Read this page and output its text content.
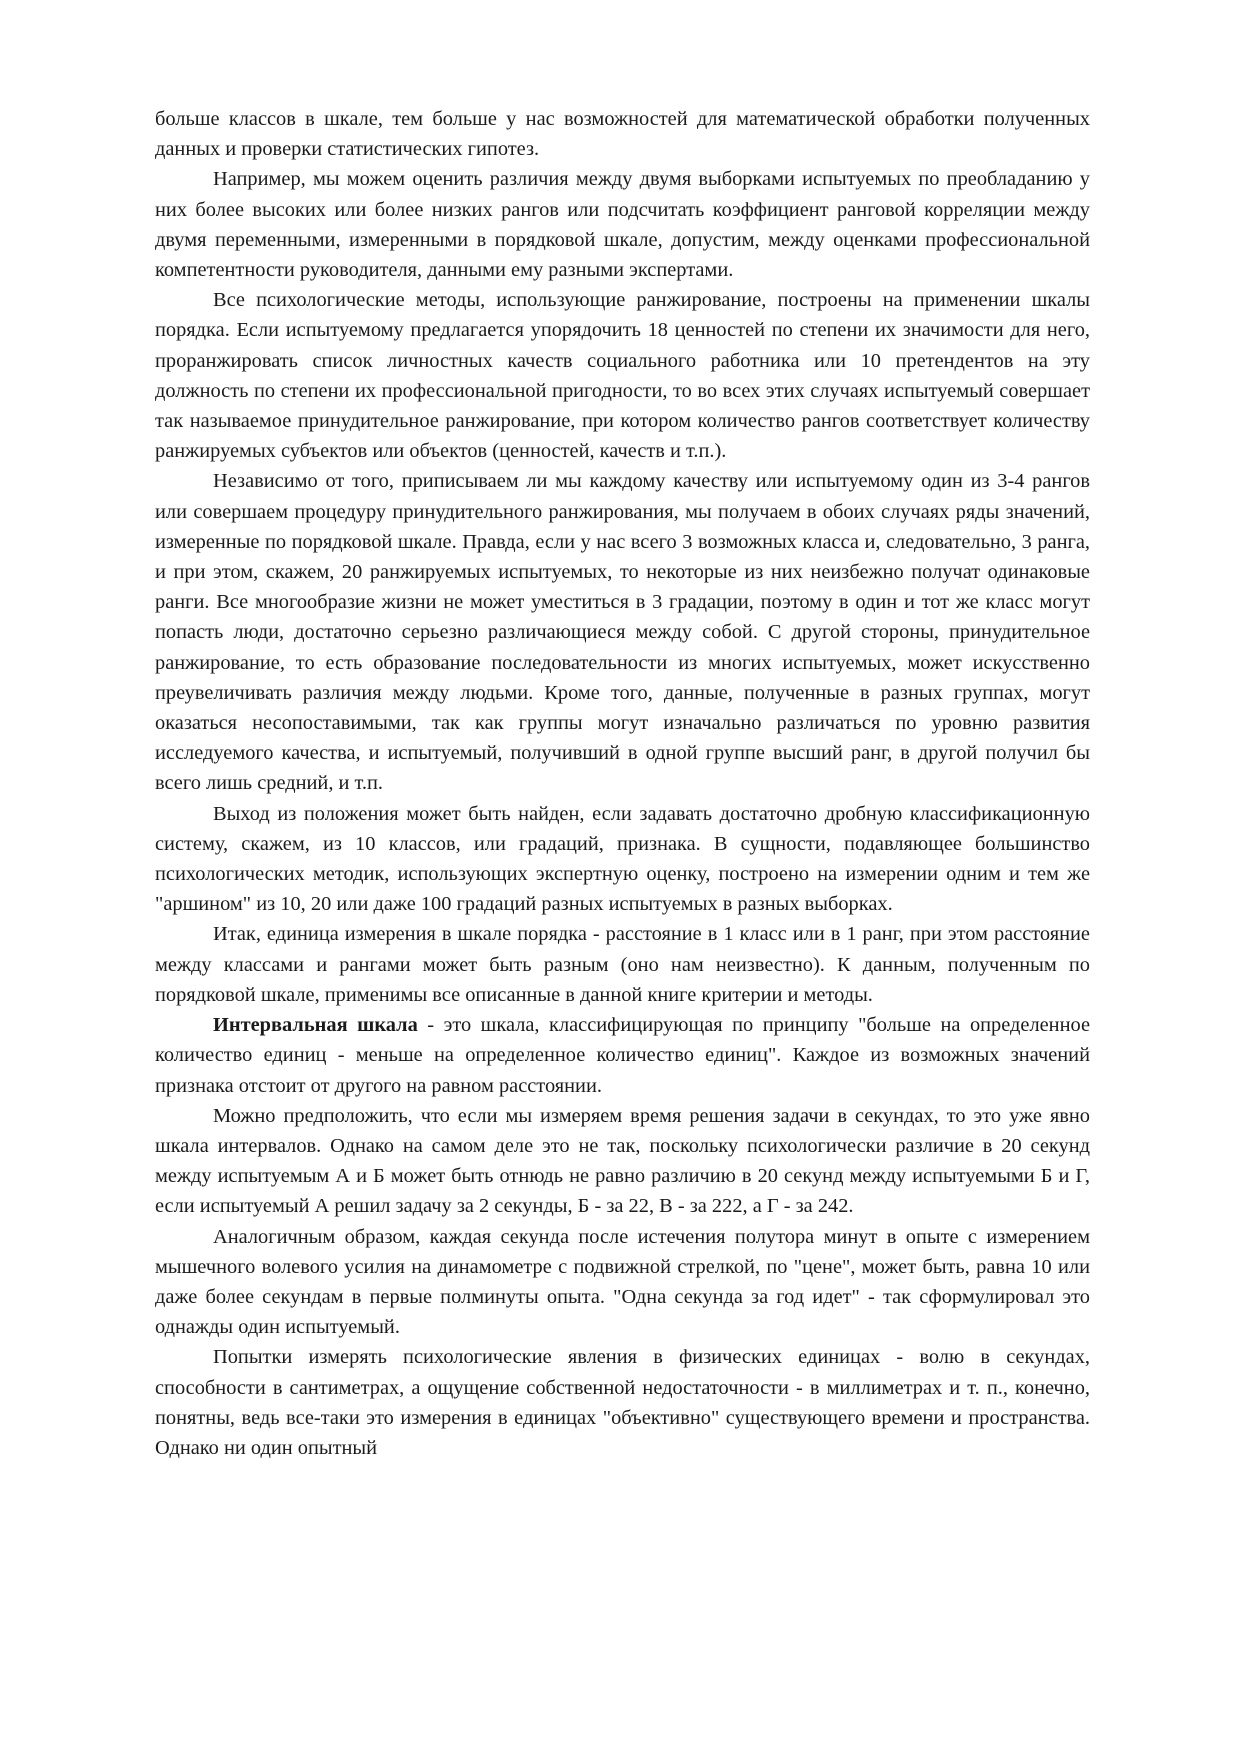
больше классов в шкале, тем больше у нас возможностей для математической обработки полученных данных и проверки статистических гипотез.

Например, мы можем оценить различия между двумя выборками испытуемых по преобладанию у них более высоких или более низких рангов или подсчитать коэффициент ранговой корреляции между двумя переменными, измеренными в порядковой шкале, допустим, между оценками профессиональной компетентности руководителя, данными ему разными экспертами.

Все психологические методы, использующие ранжирование, построены на применении шкалы порядка. Если испытуемому предлагается упорядочить 18 ценностей по степени их значимости для него, проранжировать список личностных качеств социального работника или 10 претендентов на эту должность по степени их профессиональной пригодности, то во всех этих случаях испытуемый совершает так называемое принудительное ранжирование, при котором количество рангов соответствует количеству ранжируемых субъектов или объектов (ценностей, качеств и т.п.).

Независимо от того, приписываем ли мы каждому качеству или испытуемому один из 3-4 рангов или совершаем процедуру принудительного ранжирования, мы получаем в обоих случаях ряды значений, измеренные по порядковой шкале. Правда, если у нас всего 3 возможных класса и, следовательно, 3 ранга, и при этом, скажем, 20 ранжируемых испытуемых, то некоторые из них неизбежно получат одинаковые ранги. Все многообразие жизни не может уместиться в 3 градации, поэтому в один и тот же класс могут попасть люди, достаточно серьезно различающиеся между собой. С другой стороны, принудительное ранжирование, то есть образование последовательности из многих испытуемых, может искусственно преувеличивать различия между людьми. Кроме того, данные, полученные в разных группах, могут оказаться несопоставимыми, так как группы могут изначально различаться по уровню развития исследуемого качества, и испытуемый, получивший в одной группе высший ранг, в другой получил бы всего лишь средний, и т.п.

Выход из положения может быть найден, если задавать достаточно дробную классификационную систему, скажем, из 10 классов, или градаций, признака. В сущности, подавляющее большинство психологических методик, использующих экспертную оценку, построено на измерении одним и тем же "аршином" из 10, 20 или даже 100 градаций разных испытуемых в разных выборках.

Итак, единица измерения в шкале порядка - расстояние в 1 класс или в 1 ранг, при этом расстояние между классами и рангами может быть разным (оно нам неизвестно). К данным, полученным по порядковой шкале, применимы все описанные в данной книге критерии и методы.

Интервальная шкала - это шкала, классифицирующая по принципу "больше на определенное количество единиц - меньше на определенное количество единиц". Каждое из возможных значений признака отстоит от другого на равном расстоянии.

Можно предположить, что если мы измеряем время решения задачи в секундах, то это уже явно шкала интервалов. Однако на самом деле это не так, поскольку психологически различие в 20 секунд между испытуемым А и Б может быть отнюдь не равно различию в 20 секунд между испытуемыми Б и Г, если испытуемый А решил задачу за 2 секунды, Б - за 22, В - за 222, а Г - за 242.

Аналогичным образом, каждая секунда после истечения полутора минут в опыте с измерением мышечного волевого усилия на динамометре с подвижной стрелкой, по "цене", может быть, равна 10 или даже более секундам в первые полминуты опыта. "Одна секунда за год идет" - так сформулировал это однажды один испытуемый.

Попытки измерять психологические явления в физических единицах - волю в секундах, способности в сантиметрах, а ощущение собственной недостаточности - в миллиметрах и т. п., конечно, понятны, ведь все-таки это измерения в единицах "объективно" существующего времени и пространства. Однако ни один опытный
